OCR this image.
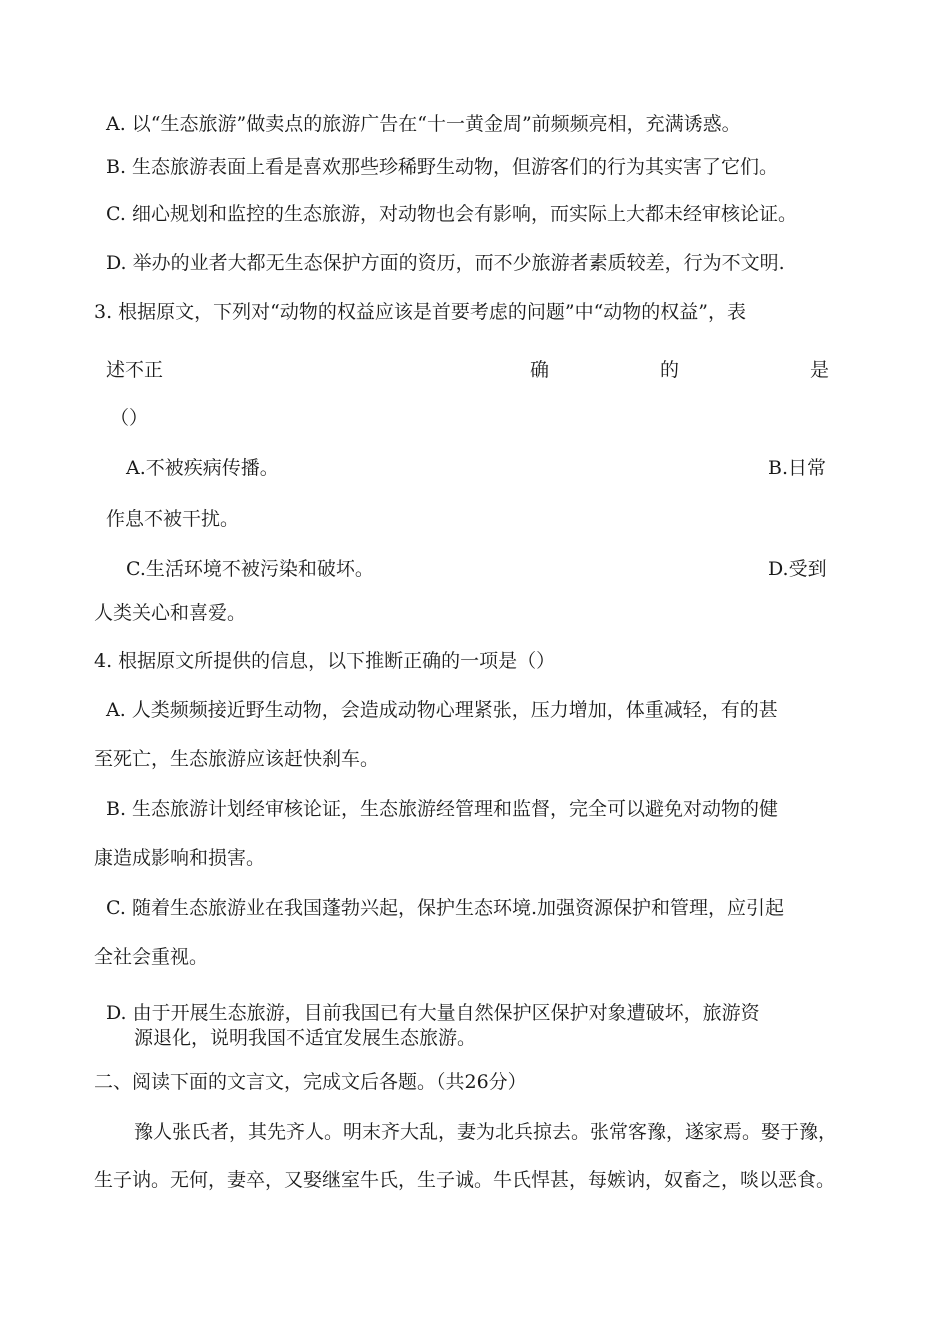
A. 以“生态旅游”做卖点的旅游广告在“十一黄金周”前频频亮相，充满诱惑。
B. 生态旅游表面上看是喜欢那些珍稀野生动物，但游客们的行为其实害了它们。
C. 细心规划和监控的生态旅游，对动物也会有影响，而实际上大都未经审核论证。
D. 举办的业者大都无生态保护方面的资历，而不少旅游者素质较差，行为不文明.
3. 根据原文，下列对“动物的权益应该是首要考虑的问题”中“动物的权益”，表
述不正	确	的	是
（）
A.不被疾病传播。	B.日常
作息不被干扰。
C.生活环境不被污染和破坏。	D.受到
人类关心和喜爱。
4. 根据原文所提供的信息，以下推断正确的一项是（）
A. 人类频频接近野生动物，会造成动物心理紧张，压力增加，体重减轻，有的甚
至死亡，生态旅游应该赶快刹车。
B. 生态旅游计划经审核论证，生态旅游经管理和监督，完全可以避免对动物的健
康造成影响和损害。
C. 随着生态旅游业在我国蓬勃兴起，保护生态环境.加强资源保护和管理，应引起
全社会重视。
D. 由于开展生态旅游，目前我国已有大量自然保护区保护对象遭破坏，旅游资
源退化，说明我国不适宜发展生态旅游。
二、阅读下面的文言文，完成文后各题。（共26分）
豫人张氏者，其先齐人。明末齐大乱，妻为北兵掠去。张常客豫，遂家焉。娶于豫，
生子讷。无何，妻卒，又娶继室牛氏，生子诚。牛氏悍甚，每嫉讷，奴畜之，啖以恶食。
